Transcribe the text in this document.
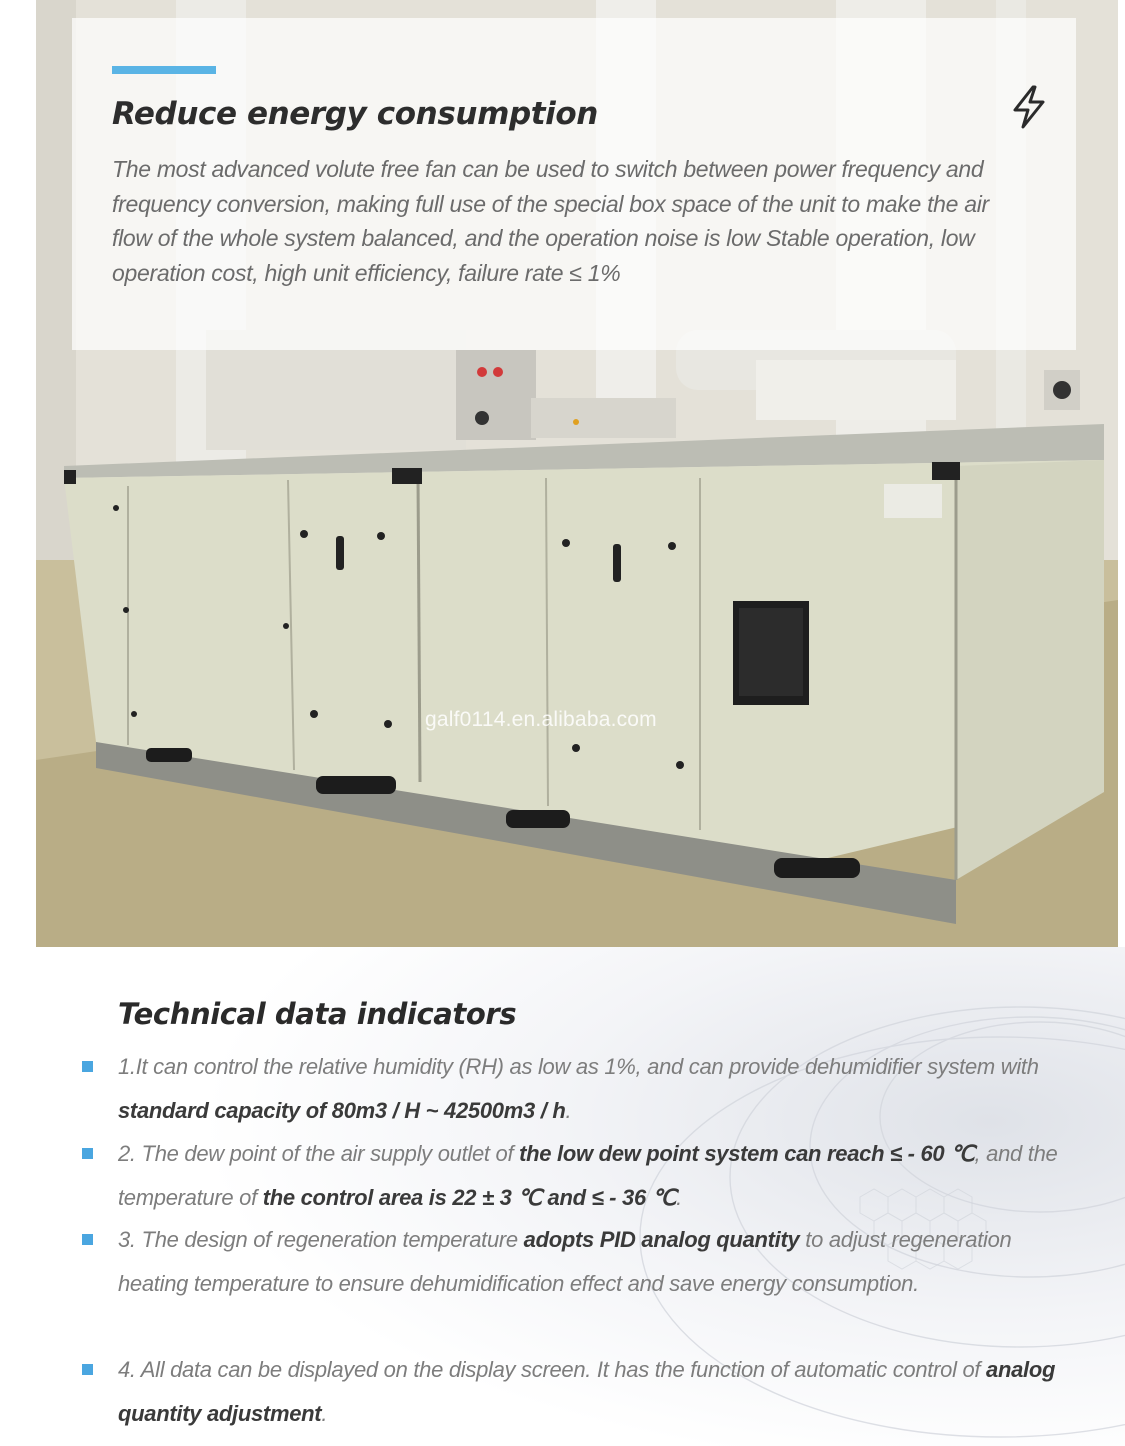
Reduce energy consumption

The most advanced volute free fan can be used to switch between power frequency and frequency conversion, making full use of the special box space of the unit to make the air flow of the whole system balanced, and the operation noise is low Stable operation, low operation cost, high unit efficiency, failure rate ≤ 1%

galf0114.en.alibaba.com
Technical data indicators

1.It can control the relative humidity (RH) as low as 1%, and can provide dehumidifier system with standard capacity of 80m3 / H ~ 42500m3 / h.

2. The dew point of the air supply outlet of the low dew point system can reach ≤ - 60 ℃, and the temperature of the control area is 22 ± 3 ℃ and ≤ - 36 ℃.

3. The design of regeneration temperature adopts PID analog quantity to adjust regeneration heating temperature to ensure dehumidification effect and save energy consumption.

4. All data can be displayed on the display screen. It has the function of automatic control of analog quantity adjustment.
